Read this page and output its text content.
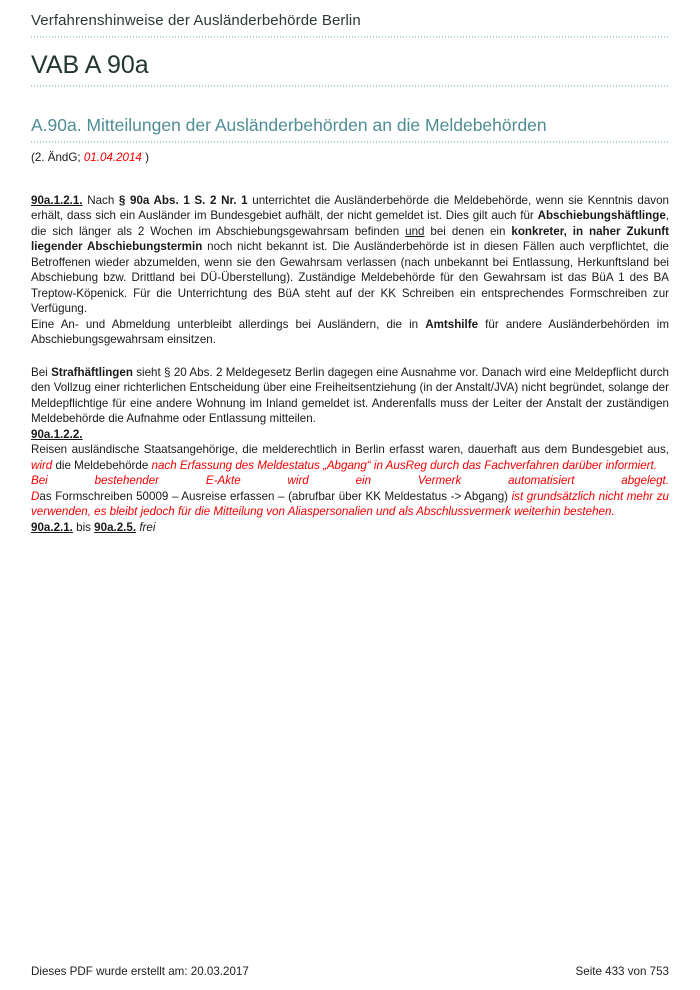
Verfahrenshinweise der Ausländerbehörde Berlin
VAB A 90a
A.90a. Mitteilungen der Ausländerbehörden an die Meldebehörden

(2. ÄndG; 01.04.2014 )

90a.1.2.1. Nach § 90a Abs. 1 S. 2 Nr. 1 unterrichtet die Ausländerbehörde die Meldebehörde, wenn sie Kenntnis davon erhält, dass sich ein Ausländer im Bundesgebiet aufhält, der nicht gemeldet ist. Dies gilt auch für Abschiebungshäftlinge, die sich länger als 2 Wochen im Abschiebungsgewahrsam befinden und bei denen ein konkreter, in naher Zukunft liegender Abschiebungstermin noch nicht bekannt ist. Die Ausländerbehörde ist in diesen Fällen auch verpflichtet, die Betroffenen wieder abzumelden, wenn sie den Gewahrsam verlassen (nach unbekannt bei Entlassung, Herkunftsland bei Abschiebung bzw. Drittland bei DÜ-Überstellung). Zuständige Meldebehörde für den Gewahrsam ist das BüA 1 des BA Treptow-Köpenick. Für die Unterrichtung des BüA steht auf der KK Schreiben ein entsprechendes Formschreiben zur Verfügung.
Eine An- und Abmeldung unterbleibt allerdings bei Ausländern, die in Amtshilfe für andere Ausländerbehörden im Abschiebungsgewahrsam einsitzen.

Bei Strafhäftlingen sieht § 20 Abs. 2 Meldegesetz Berlin dagegen eine Ausnahme vor. Danach wird eine Meldepflicht durch den Vollzug einer richterlichen Entscheidung über eine Freiheitsentziehung (in der Anstalt/JVA) nicht begründet, solange der Meldepflichtige für eine andere Wohnung im Inland gemeldet ist. Anderenfalls muss der Leiter der Anstalt der zuständigen Meldebehörde die Aufnahme oder Entlassung mitteilen.
90a.1.2.2.
Reisen ausländische Staatsangehörige, die melderechtlich in Berlin erfasst waren, dauerhaft aus dem Bundesgebiet aus, wird die Meldebehörde nach Erfassung des Meldestatus „Abgang“ in AusReg durch das Fachverfahren darüber informiert.

Bei bestehender E-Akte wird ein Vermerk automatisiert abgelegt.

Das Formschreiben 50009 – Ausreise erfassen – (abrufbar über KK Meldestatus -> Abgang) ist grundsätzlich nicht mehr zu verwenden, es bleibt jedoch für die Mitteilung von Aliaspersonalien und als Abschlussvermerk weiterhin bestehen.
90a.2.1. bis 90a.2.5. frei

Dieses PDF wurde erstellt am: 20.03.2017	Seite 433 von 753
